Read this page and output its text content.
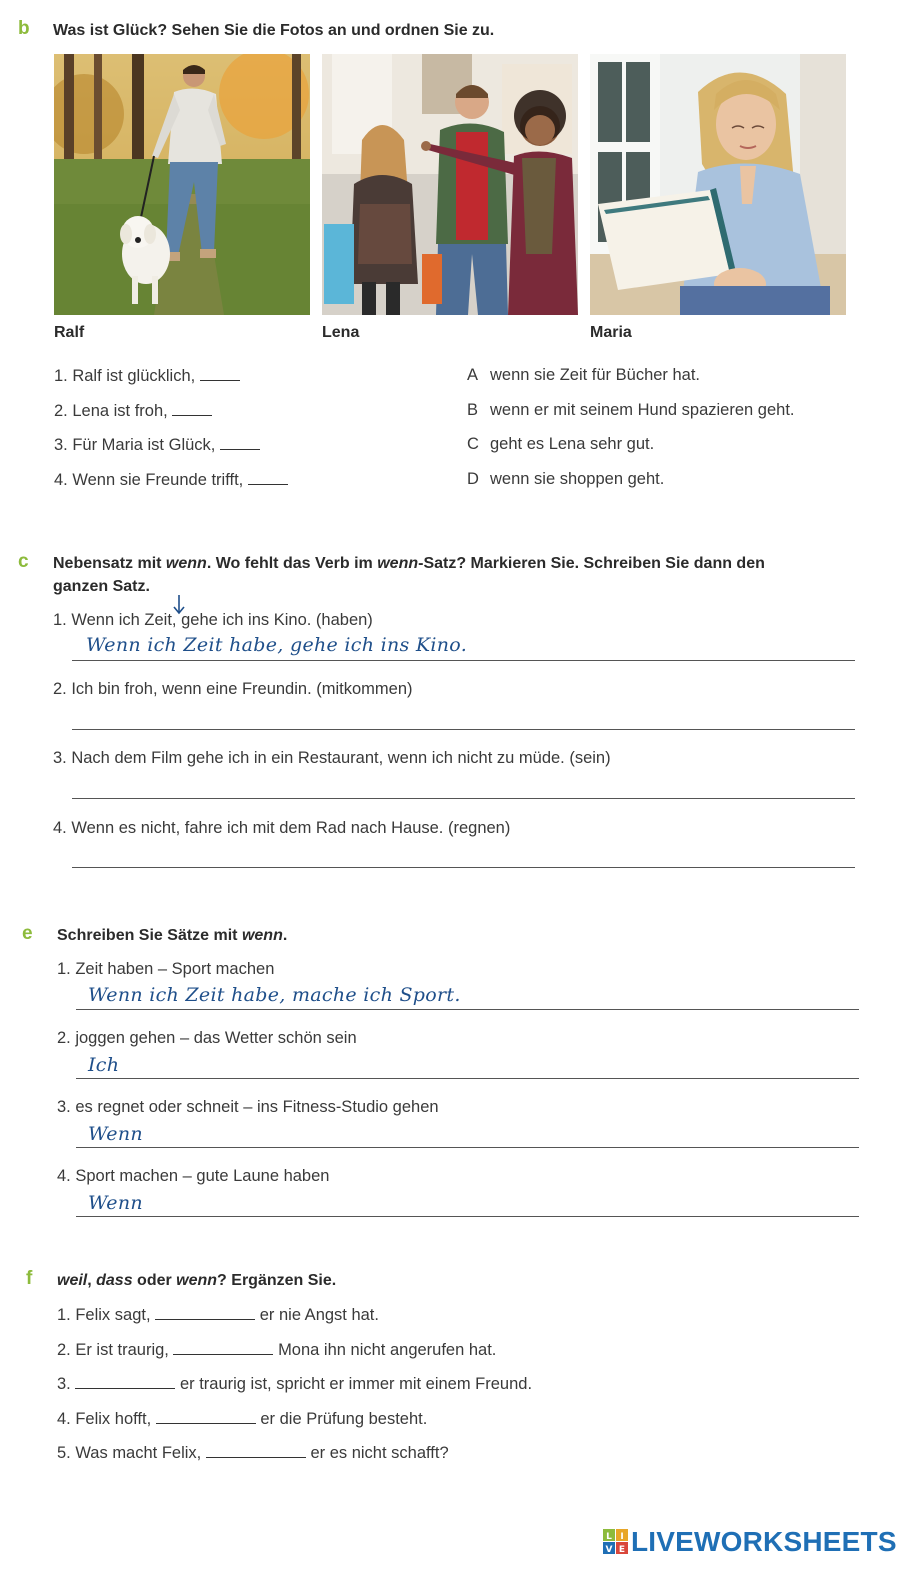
b Was ist Glück? Sehen Sie die Fotos an und ordnen Sie zu.
Ralf	Lena	Maria
1. Ralf ist glücklich,
2. Lena ist froh,
3. Für Maria ist Glück,
4. Wenn sie Freunde trifft,
A wenn sie Zeit für Bücher hat.
B wenn er mit seinem Hund spazieren geht.
C geht es Lena sehr gut.
D wenn sie shoppen geht.
c Nebensatz mit wenn. Wo fehlt das Verb im wenn-Satz? Markieren Sie. Schreiben Sie dann den
ganzen Satz.
1. Wenn ich Zeit, gehe ich ins Kino. (haben)
Wenn ich Zeit habe, gehe ich ins Kino.
2. Ich bin froh, wenn eine Freundin. (mitkommen)
3. Nach dem Film gehe ich in ein Restaurant, wenn ich nicht zu müde. (sein)
4. Wenn es nicht, fahre ich mit dem Rad nach Hause. (regnen)
e Schreiben Sie Sätze mit wenn.
1. Zeit haben – Sport machen
Wenn ich Zeit habe, mache ich Sport.
2. joggen gehen – das Wetter schön sein
Ich
3. es regnet oder schneit – ins Fitness-Studio gehen
Wenn
4. Sport machen – gute Laune haben
Wenn
f weil, dass oder wenn? Ergänzen Sie.
1. Felix sagt,	er nie Angst hat.
2. Er ist traurig,	Mona ihn nicht angerufen hat.
3.	er traurig ist, spricht er immer mit einem Freund.
4. Felix hofft,	er die Prüfung besteht.
5. Was macht Felix,	er es nicht schafft?
L I
V E LIVEWORKSHEETS
